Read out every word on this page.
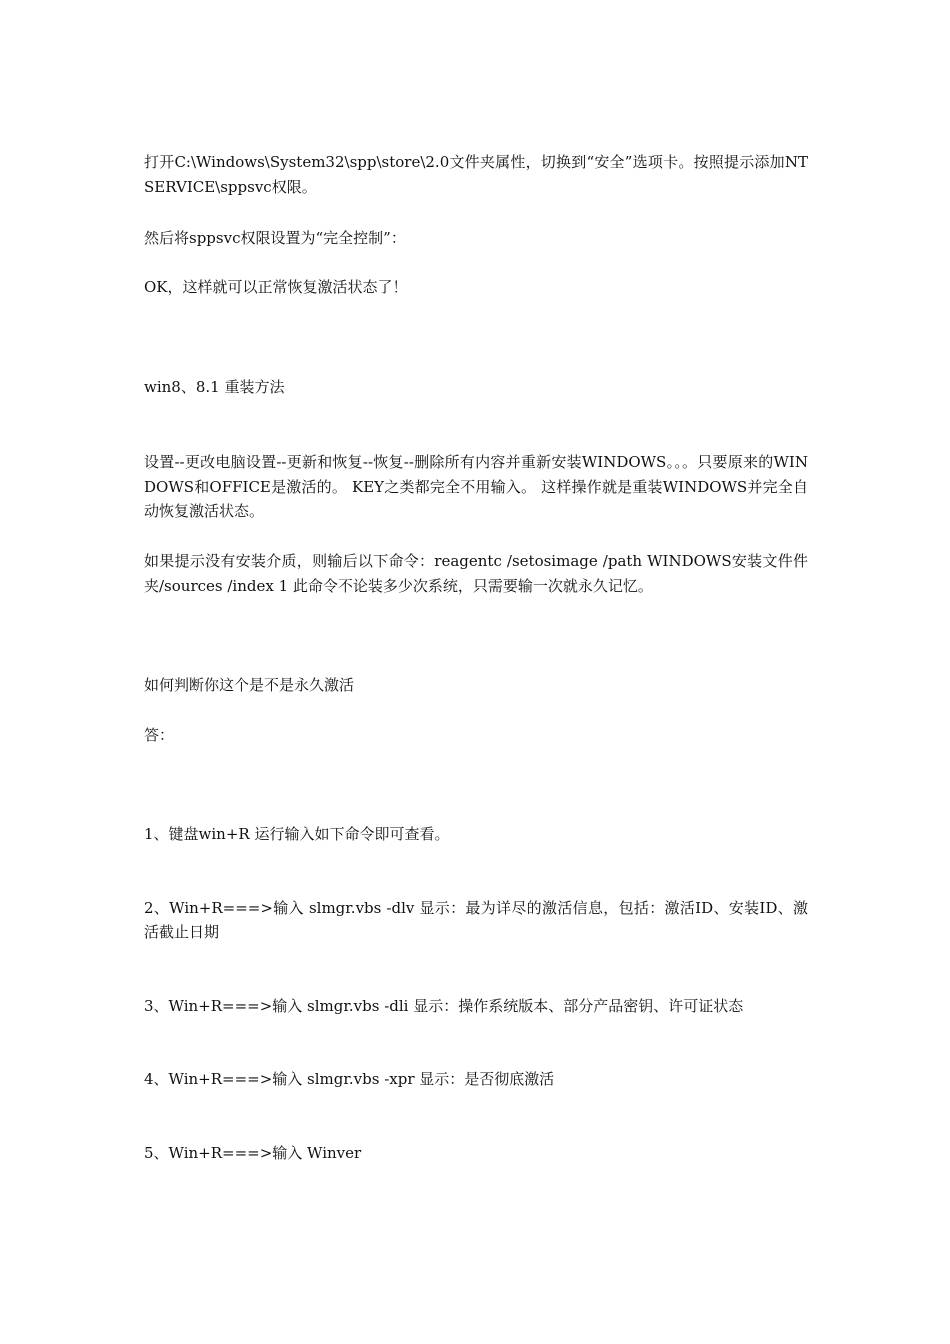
打开C:\Windows\System32\spp\store\2.0文件夹属性，切换到“安全”选项卡。按照提示添加NT SERVICE\sppsvc权限。

然后将sppsvc权限设置为“完全控制”：

OK，这样就可以正常恢复激活状态了！

win8、8.1 重装方法

设置--更改电脑设置--更新和恢复--恢复--删除所有内容并重新安装WINDOWS。。。只要原来的WINDOWS和OFFICE是激活的。 KEY之类都完全不用输入。 这样操作就是重装WINDOWS并完全自动恢复激活状态。

如果提示没有安装介质，则输后以下命令：reagentc /setosimage /path WINDOWS安装文件件夹/sources /index 1 此命令不论装多少次系统，只需要输一次就永久记忆。

如何判断你这个是不是永久激活

答：

1、键盘win+R 运行输入如下命令即可查看。

2、Win+R===>输入 slmgr.vbs -dlv 显示：最为详尽的激活信息，包括：激活ID、安装ID、激活截止日期

3、Win+R===>输入 slmgr.vbs -dli 显示：操作系统版本、部分产品密钥、许可证状态

4、Win+R===>输入 slmgr.vbs -xpr 显示：是否彻底激活

5、Win+R===>输入 Winver
